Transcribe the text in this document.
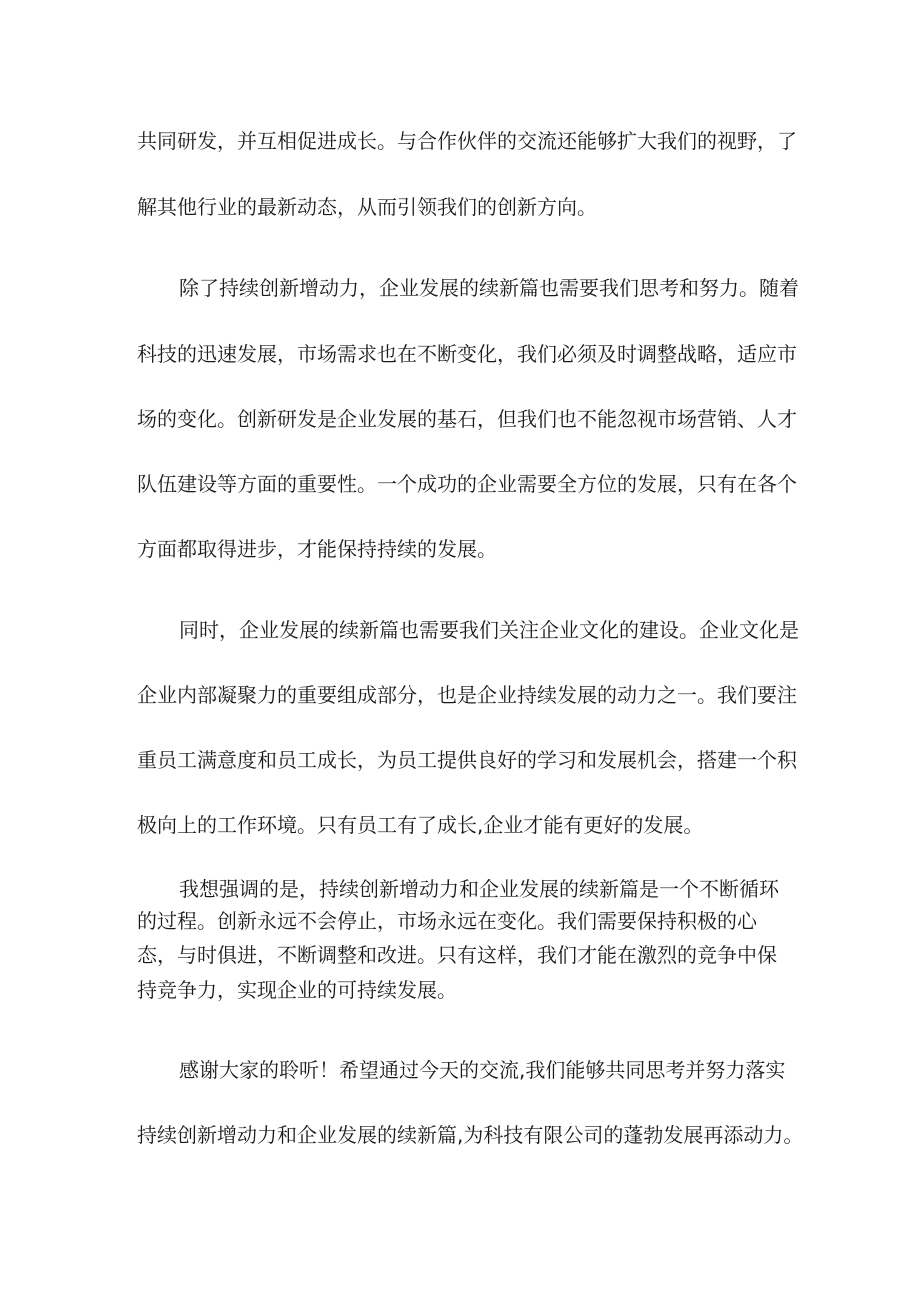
共同研发，并互相促进成长。与合作伙伴的交流还能够扩大我们的视野，了

解其他行业的最新动态，从而引领我们的创新方向。

除了持续创新增动力，企业发展的续新篇也需要我们思考和努力。随着

科技的迅速发展，市场需求也在不断变化，我们必须及时调整战略，适应市

场的变化。创新研发是企业发展的基石，但我们也不能忽视市场营销、人才

队伍建设等方面的重要性。一个成功的企业需要全方位的发展，只有在各个

方面都取得进步，才能保持持续的发展。

同时，企业发展的续新篇也需要我们关注企业文化的建设。企业文化是

企业内部凝聚力的重要组成部分，也是企业持续发展的动力之一。我们要注

重员工满意度和员工成长，为员工提供良好的学习和发展机会，搭建一个积

极向上的工作环境。只有员工有了成长,企业才能有更好的发展。

我想强调的是，持续创新增动力和企业发展的续新篇是一个不断循环

的过程。创新永远不会停止，市场永远在变化。我们需要保持积极的心

态，与时俱进，不断调整和改进。只有这样，我们才能在激烈的竞争中保

持竞争力，实现企业的可持续发展。

感谢大家的聆听！希望通过今天的交流,我们能够共同思考并努力落实

持续创新增动力和企业发展的续新篇,为科技有限公司的蓬勃发展再添动力。
